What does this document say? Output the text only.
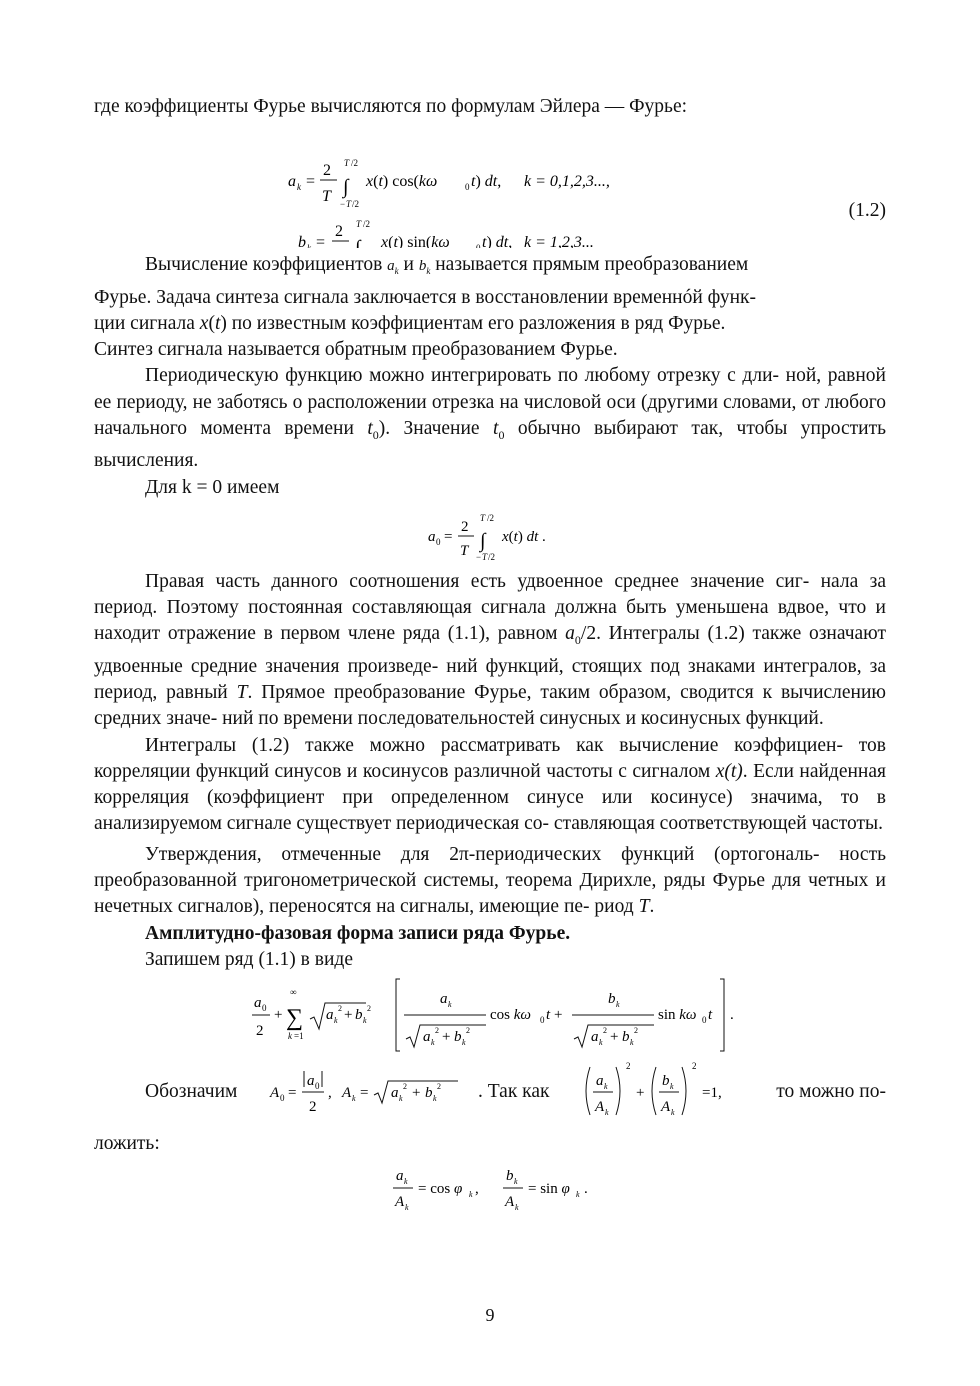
где коэффициенты Фурье вычисляются по формулам Эйлера — Фурье:

a k =
2
T
T /2
∫
− T /2
x(t) cos(kω	0 t) dt, k = 0,1,2,3...,
b k =
2 T /2
∫ x(t) sin(kω	0 t) dt, k = 1,2,3...
(1.2)

Вычисление коэффициентов $a_k$ и $b_k$ называется прямым преобразованием

Фурье. Задача синтеза сигнала заключается в восстановлении временнóй функ-
ции сигнала x(t) по известным коэффициентам его разложения в ряд Фурье.
Синтез сигнала называется обратным преобразованием Фурье.

Периодическую функцию можно интегрировать по любому отрезку с дли- ной, равной ее периоду, не заботясь о расположении отрезка на числовой оси (другими словами, от любого начального момента времени $t_0$). Значение $t_0$ обычно выбирают так, чтобы упростить вычисления.

Для k = 0 имеем

a 0 =
2
T
T /2
∫
− T /2
x(t) dt .

Правая часть данного соотношения есть удвоенное среднее значение сиг- нала за период. Поэтому постоянная составляющая сигнала должна быть уменьшена вдвое, что и находит отражение в первом члене ряда (1.1), равном $a_0/2$. Интегралы (1.2) также означают удвоенные средние значения произведе- ний функций, стоящих под знаками интегралов, за период, равный T. Прямое преобразование Фурье, таким образом, сводится к вычислению средних значе- ний по времени последовательностей синусных и косинусных функций.

Интегралы (1.2) также можно рассматривать как вычисление коэффициен- тов корреляции функций синусов и косинусов различной частоты с сигналом x(t). Если найденная корреляция (коэффициент при определенном синусе или косинусе) значима, то в анализируемом сигнале существует периодическая со- ставляющая соответствующей частоты.

Утверждения, отмеченные для 2π-периодических функций (ортогональ- ность преобразованной тригонометрической системы, теорема Дирихле, ряды Фурье для четных и нечетных сигналов), переносятся на сигналы, имеющие пе- риод T.

Амплитудно-фазовая форма записи ряда Фурье.

Запишем ряд (1.1) в виде

a 0
2
+
∞
∑
k =1
a k
2 + b k
2
a k
a k
2 + b k
2
cos kω 0 t +
b k
a k
2 + b k
2
sin kω 0 t .
Обозначим A 0 =
a 0
2
, A k = a k
2 + b k
2	a k
A k
2
+
b k
A k
2
=1,
. Так как	то можно по-

ложить:

a k
A k
= cos φ k ,
b k
A k
= sin φ k .
9
